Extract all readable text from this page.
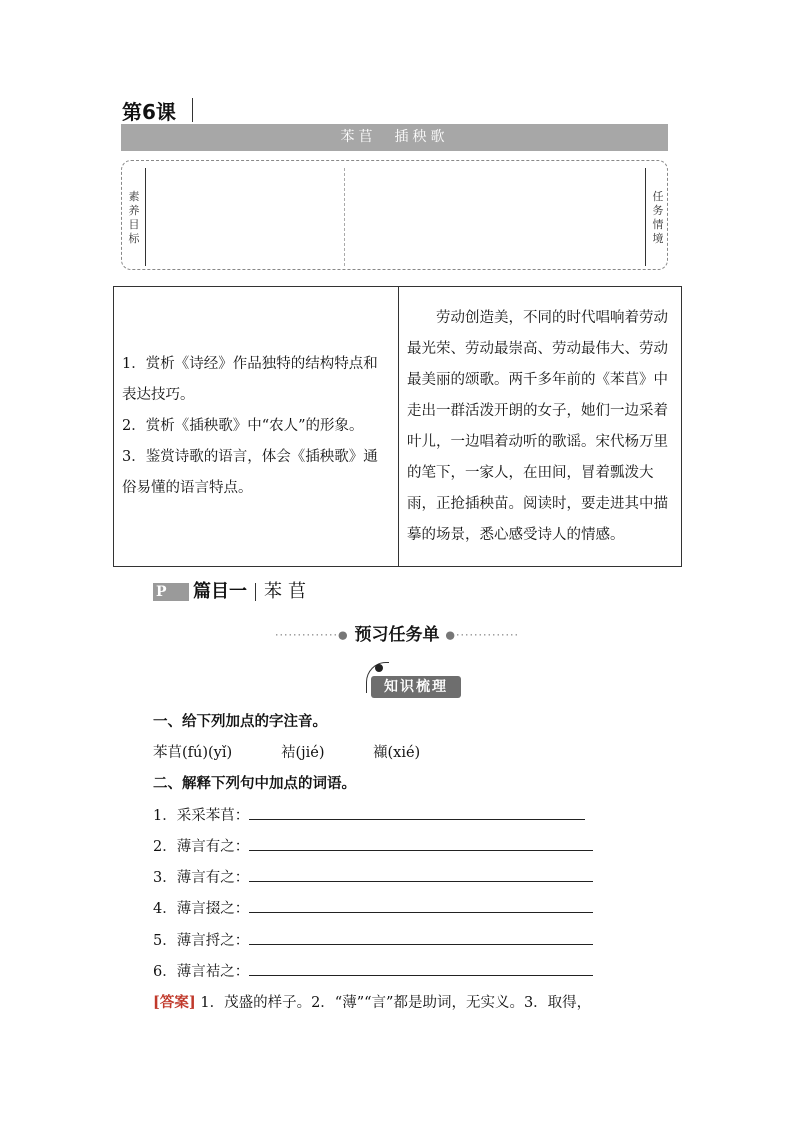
第6课
苯苢　插秧歌
素养目标
任务情境
1．赏析《诗经》作品独特的结构特点和表达技巧。
2．赏析《插秧歌》中“农人”的形象。
3．鉴赏诗歌的语言，体会《插秧歌》通俗易懂的语言特点。

劳动创造美，不同的时代唱响着劳动最光荣、劳动最崇高、劳动最伟大、劳动最美丽的颂歌。两千多年前的《苯苢》中走出一群活泼开朗的女子，她们一边采着叶儿，一边唱着动听的歌谣。宋代杨万里的笔下，一家人，在田间，冒着瓢泼大雨，正抢插秧苗。阅读时，要走进其中描摹的场景，悉心感受诗人的情感。

P 篇目一 苯苢
··············● 预习任务单 ●··············
知识梳理
一、给下列加点的字注音。
苯苢(fú)(yǐ)	袺(jié)	襭(xié)
二、解释下列句中加点的词语。
1．采采苯苢：
2．薄言有之：
3．薄言有之：
4．薄言掇之：
5．薄言捋之：
6．薄言袺之：
[答案] 1．茂盛的样子。2．“薄”“言”都是助词，无实义。3．取得，
